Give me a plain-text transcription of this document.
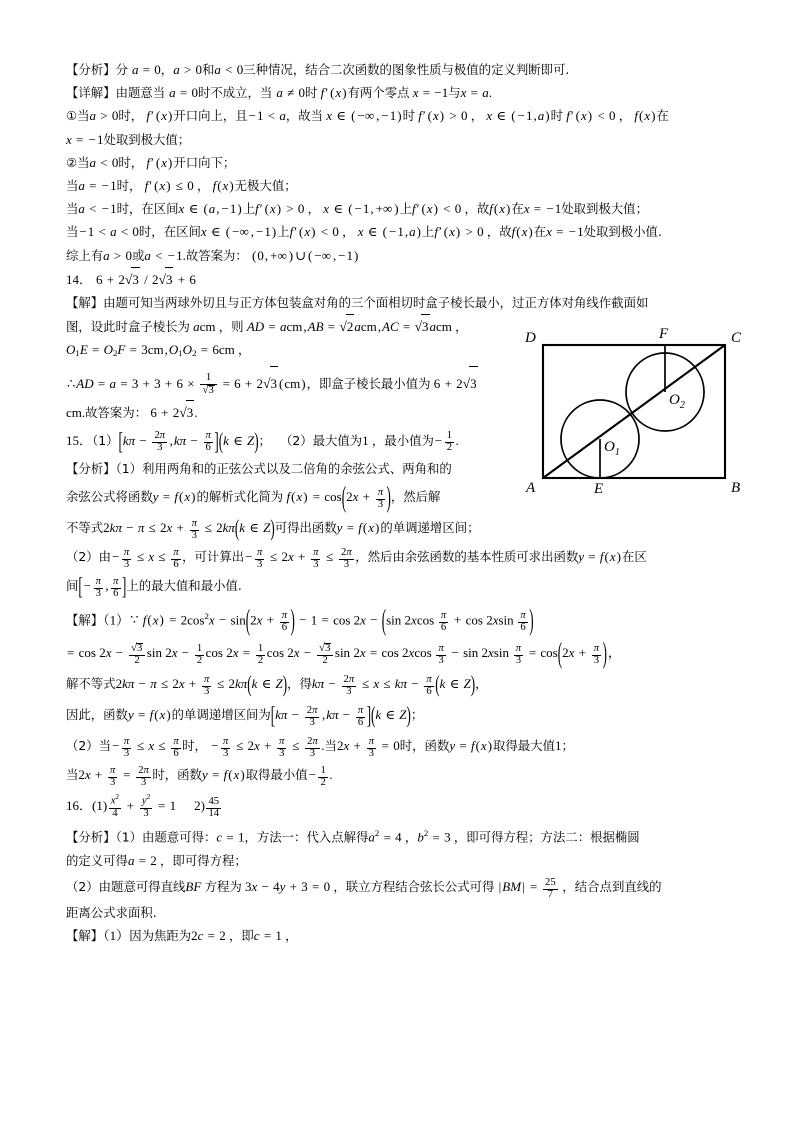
【分析】分 a = 0，a > 0和a < 0三种情况，结合二次函数的图象性质与极值的定义判断即可.
【详解】由题意当 a = 0时不成立，当 a ≠ 0时 f′ (x)有两个零点 x = −1与x = a.
①当a > 0时， f′ (x)开口向上，且−1 < a，故当 x ∈ ( −∞ , −1)时 f′ (x) > 0 ， x ∈ ( −1,a)时 f′ (x) < 0 ， f(x)在
x = −1处取到极大值；
②当a < 0时， f′ (x)开口向下；
当a = −1时， f′ (x) ≤ 0 ， f(x)无极大值；
当a < −1时，在区间x ∈ (a, −1)上f′ (x) > 0 ， x ∈ ( −1, +∞ )上f′ (x) < 0 ，故f(x)在x = −1处取到极大值；
当−1 < a < 0时，在区间x ∈ ( −∞ , −1)上f′ (x) < 0 ， x ∈ ( −1,a)上f′ (x) > 0 ，故f(x)在x = −1处取到极小值.
综上有a > 0或a < −1.故答案为： (0, +∞ ) ∪ ( −∞ , −1)
14． 6 + 2√3 / 2√3 + 6
【解】由题可知当两球外切且与正方体包装盒对角的三个面相切时盒子棱长最小，过正方体对角线作截面如
图，设此时盒子棱长为 acm ，则 AD = acm,AB = √2acm,AC = √3acm ，
$O_1E = O_2F = 3cm,O_1O_2 = 6cm$ ，
∴AD = $a = 3 + 3 + 6 \times \frac{1}{√3} = 6 + 2√3$ (cm)，即盒子棱长最小值为 6 + 2√3
cm.故答案为： 6 + 2√3.
15．$(1)[k\pi - \frac{2\pi}{3} ,k\pi - \frac{\pi}{6} ](k$ ∈ Z)； （2）最大值为1 ，最小值为− $\frac{1}{2}$ .
【分析】（1）利用两角和的正弦公式以及二倍角的余弦公式、两角和的
余弦公式将函数y = f(x)的解析式化简为 $f(x) = \cos(2x + \frac{\pi}{3}$ )，然后解
不等式$2k\pi - \pi \le 2x + \frac{\pi}{3} \le 2k\pi(k$ ∈ Z)可得出函数y = f(x)的单调递增区间；
（2）由− $\frac{\pi}{3} \le x \le \frac{\pi}{6}$ ，可计算出− $\frac{\pi}{3} \le 2x + \frac{\pi}{3} \le \frac{2\pi}{3}$ ，然后由余弦函数的基本性质可求出函数y = f(x)在区
间[− $\frac{\pi}{3}$ , $\frac{\pi}{6}$ ]上的最大值和最小值.
【解】（1）∵ $f(x) = 2\cos^2x - \sin(2x + \frac{\pi}{6}$ ) − 1 = cos 2x − (sin $2xcos \frac{\pi}{6} + \cos 2xsin \frac{\pi}{6}$ )
= $\cos 2x - \frac{√3}{2}$ $\sin 2x - \frac{1}{2}$ $\cos 2x = \frac{1}{2}$ $\cos 2x - \frac{√3}{2}$ $\sin 2x = \cos 2xcos \frac{\pi}{3} - \sin 2xsin \frac{\pi}{3} = \cos(2x + \frac{\pi}{3}$ )，
解不等式$2k\pi - \pi \le 2x + \frac{\pi}{3} \le 2k\pi(k$ ∈ Z)，得$k\pi - \frac{2\pi}{3} \le x \le k\pi - \frac{\pi}{6} (k$ ∈ Z)，
因此，函数y = f(x)的单调递增区间为$[k\pi - \frac{2\pi}{3} ,k\pi - \frac{\pi}{6} ](k$ ∈ Z)；
（2）当− $\frac{\pi}{3} \le x \le \frac{\pi}{6}$ 时， − $\frac{\pi}{3} \le 2x + \frac{\pi}{3} \le \frac{2\pi}{3}$ .当$2x + \frac{\pi}{3} = 0$时，函数y = f(x)取得最大值1；
当$2x + \frac{\pi}{3} = \frac{2\pi}{3}$ 时，函数y = f(x)取得最小值− $\frac{1}{2}$ .
16．$(1) \frac{x^2}{4} + \frac{y^2}{3} = 1$ $2) \frac{45}{14}$
【分析】（1）由题意可得：c = 1，方法一：代入点解得$a^2 = 4$ ，$b^2 = 3$ ，即可得方程；方法二：根据椭圆
的定义可得a = 2 ，即可得方程；
（2）由题意可得直线BF 方程为 3x − 4y + 3 = 0 ，联立方程结合弦长公式可得 $|BM| = \frac{25}{7}$ ，结合点到直线的
距离公式求面积.
【解】（1）因为焦距为2c = 2 ，即c = 1 ，
D	C
A	B
E
F
$O_1$
$O_2$
